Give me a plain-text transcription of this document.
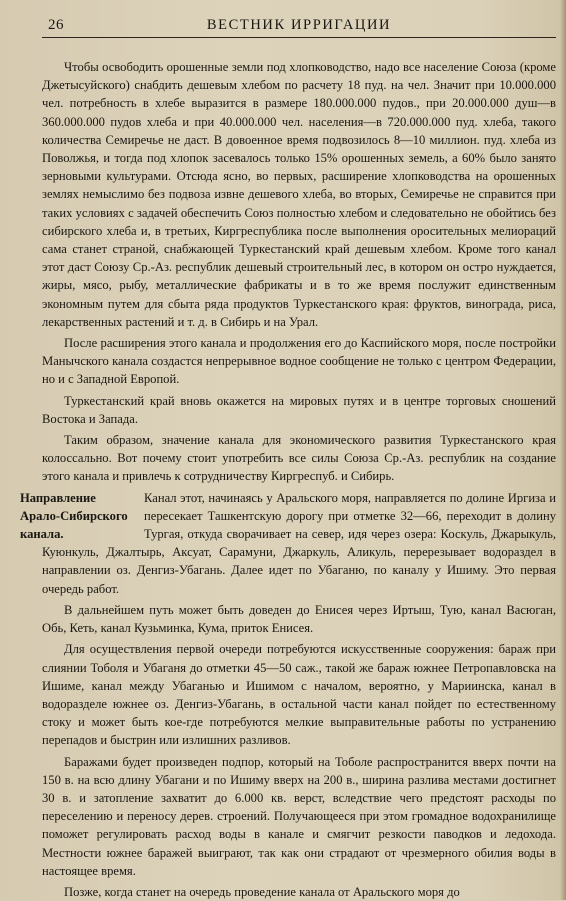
26	ВЕСТНИК ИРРИГАЦИИ

Чтобы освободить орошенные земли под хлопководство, надо все население Союза (кроме Джетысуйского) снабдить дешевым хлебом по расчету 18 пуд. на чел. Значит при 10.000.000 чел. потребность в хлебе выразится в размере 180.000.000 пудов., при 20.000.000 душ—в 360.000.000 пудов хлеба и при 40.000.000 чел. населения—в 720.000.000 пуд. хлеба, такого количества Семиречье не даст. В довоенное время подвозилось 8—10 миллион. пуд. хлеба из Поволжья, и тогда под хлопок засевалось только 15% орошенных земель, а 60% было занято зерновыми культурами. Отсюда ясно, во первых, расширение хлопководства на орошенных землях немыслимо без подвоза извне дешевого хлеба, во вторых, Семиречье не справится при таких условиях с задачей обеспечить Союз полностью хлебом и следовательно не обойтись без сибирского хлеба и, в третьих, Киргреспублика после выполнения оросительных мелиораций сама станет страной, снабжающей Туркестанский край дешевым хлебом. Кроме того канал этот даст Союзу Ср.-Аз. республик дешевый строительный лес, в котором он остро нуждается, жиры, мясо, рыбу, металлические фабрикаты и в то же время послужит единственным экономным путем для сбыта ряда продуктов Туркестанского края: фруктов, винограда, риса, лекарственных растений и т. д. в Сибирь и на Урал.

После расширения этого канала и продолжения его до Каспийского моря, после постройки Манычского канала создастся непрерывное водное сообщение не только с центром Федерации, но и с Западной Европой.

Туркестанский край вновь окажется на мировых путях и в центре торговых сношений Востока и Запада.

Таким образом, значение канала для экономического развития Туркестанского края колоссально. Вот почему стоит употребить все силы Союза Ср.-Аз. республик на создание этого канала и привлечь к сотрудничеству Киргреспуб. и Сибирь.

Направление Арало-Сибирского канала.
Канал этот, начинаясь у Аральского моря, направляется по долине Иргиза и пересекает Ташкентскую дорогу при отметке 32—66, переходит в долину Тургая, откуда сворачивает на север, идя через озера: Коскуль, Джарыкуль, Куюнкуль, Джалтырь, Аксуат, Сарамуни, Джаркуль, Аликуль, перерезывает водораздел в направлении оз. Денгиз-Убагань. Далее идет по Убаганю, по каналу у Ишиму. Это первая очередь работ.

В дальнейшем путь может быть доведен до Енисея через Иртыш, Тую, канал Васюган, Обь, Кеть, канал Кузьминка, Кума, приток Енисея.

Для осуществления первой очереди потребуются искусственные сооружения: бараж при слиянии Тоболя и Убаганя до отметки 45—50 саж., такой же бараж южнее Петропавловска на Ишиме, канал между Убаганью и Ишимом с началом, вероятно, у Мариинска, канал в водоразделе южнее оз. Денгиз-Убагань, в остальной части канал пойдет по естественному стоку и может быть кое-где потребуются мелкие выправительные работы по устранению перепадов и быстрин или излишних разливов.

Баражами будет произведен подпор, который на Тоболе распространится вверх почти на 150 в. на всю длину Убагани и по Ишиму вверх на 200 в., ширина разлива местами достигнет 30 в. и затопление захватит до 6.000 кв. верст, вследствие чего предстоят расходы по переселению и переносу дерев. строений. Получающееся при этом громадное водохранилище поможет регулировать расход воды в канале и смягчит резкости паводков и ледохода. Местности южнее баражей выиграют, так как они страдают от чрезмерного обилия воды в настоящее время.

Позже, когда станет на очередь проведение канала от Аральского моря до
